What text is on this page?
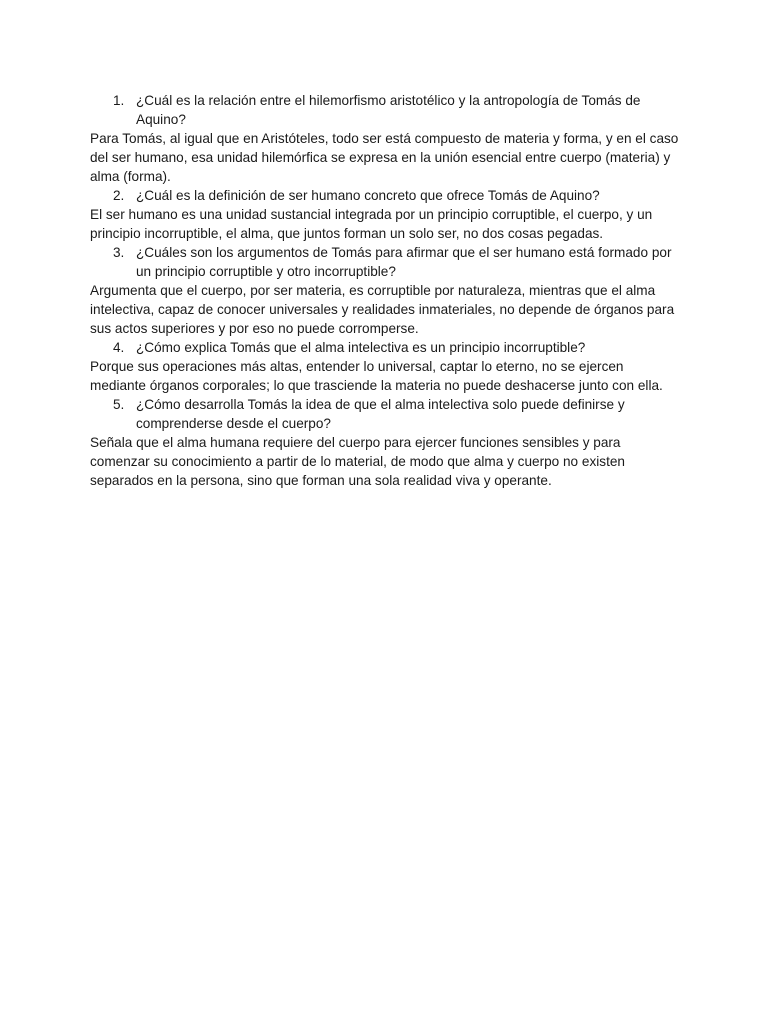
1. ¿Cuál es la relación entre el hilemorfismo aristotélico y la antropología de Tomás de Aquino?

Para Tomás, al igual que en Aristóteles, todo ser está compuesto de materia y forma, y en el caso del ser humano, esa unidad hilemórfica se expresa en la unión esencial entre cuerpo (materia) y alma (forma).

2. ¿Cuál es la definición de ser humano concreto que ofrece Tomás de Aquino?

El ser humano es una unidad sustancial integrada por un principio corruptible, el cuerpo, y un principio incorruptible, el alma, que juntos forman un solo ser, no dos cosas pegadas.

3. ¿Cuáles son los argumentos de Tomás para afirmar que el ser humano está formado por un principio corruptible y otro incorruptible?

Argumenta que el cuerpo, por ser materia, es corruptible por naturaleza, mientras que el alma intelectiva, capaz de conocer universales y realidades inmateriales, no depende de órganos para sus actos superiores y por eso no puede corromperse.

4. ¿Cómo explica Tomás que el alma intelectiva es un principio incorruptible?

Porque sus operaciones más altas, entender lo universal, captar lo eterno, no se ejercen mediante órganos corporales; lo que trasciende la materia no puede deshacerse junto con ella.

5. ¿Cómo desarrolla Tomás la idea de que el alma intelectiva solo puede definirse y comprenderse desde el cuerpo?

Señala que el alma humana requiere del cuerpo para ejercer funciones sensibles y para comenzar su conocimiento a partir de lo material, de modo que alma y cuerpo no existen separados en la persona, sino que forman una sola realidad viva y operante.
